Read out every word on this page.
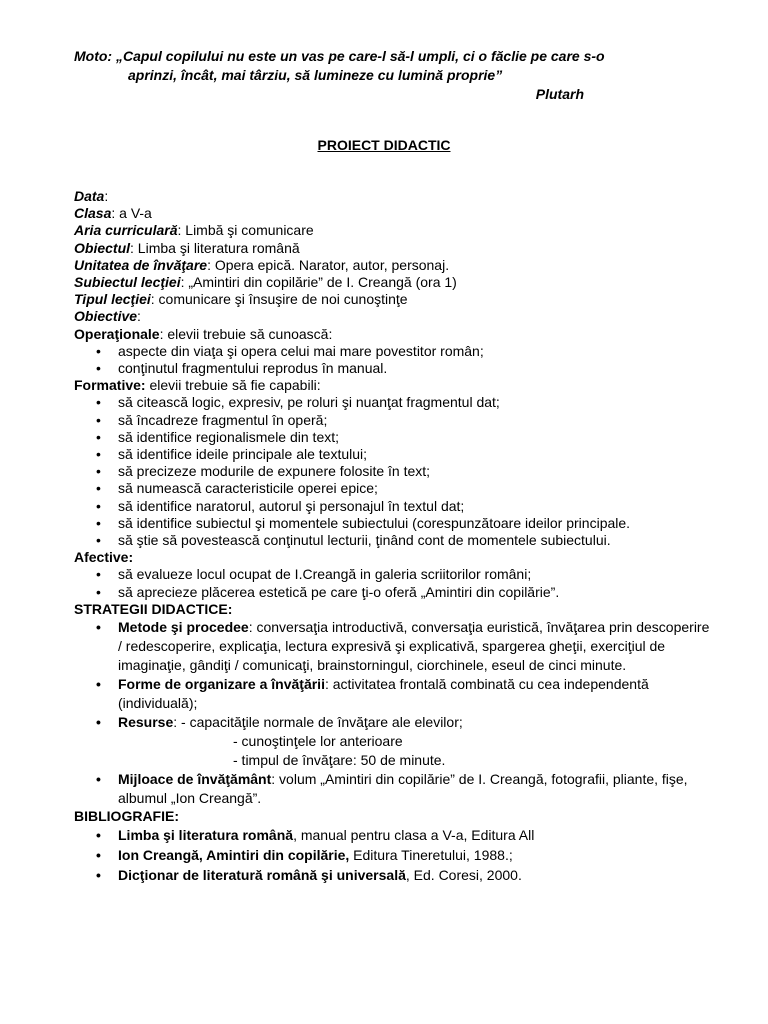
Moto: „Capul copilului nu este un vas pe care-l să-l umpli, ci o făclie pe care s-o
aprinzi, încât, mai târziu, să lumineze cu lumină proprie”
Plutarh
PROIECT DIDACTIC
Data:
Clasa: a V-a
Aria curriculară: Limbă şi comunicare
Obiectul: Limba şi literatura română
Unitatea de învăţare: Opera epică. Narator, autor, personaj.
Subiectul lecţiei: „Amintiri din copilărie” de I. Creangă (ora 1)
Tipul lecţiei: comunicare şi însuşire de noi cunoştinţe
Obiective:
Operaţionale: elevii trebuie să cunoască:
• aspecte din viaţa şi opera celui mai mare povestitor român;
• conţinutul fragmentului reprodus în manual.
Formative: elevii trebuie să fie capabili:
• să citească logic, expresiv, pe roluri şi nuanţat fragmentul dat;
• să încadreze fragmentul în operă;
• să identifice regionalismele din text;
• să identifice ideile principale ale textului;
• să precizeze modurile de expunere folosite în text;
• să numească caracteristicile operei epice;
• să identifice naratorul, autorul şi personajul în textul dat;
• să identifice subiectul şi momentele subiectului (corespunzătoare ideilor principale.
• să ştie să povestească conţinutul lecturii, ţinând cont de momentele subiectului.
Afective:
• să evalueze locul ocupat de I.Creangă in galeria scriitorilor români;
• să aprecieze plăcerea estetică pe care ţi-o oferă „Amintiri din copilărie”.
STRATEGII DIDACTICE:
• Metode şi procedee: conversaţia introductivă, conversaţia euristică, învăţarea prin descoperire / redescoperire, explicaţia, lectura expresivă şi explicativă, spargerea gheţii, exerciţiul de imaginaţie, gândiţi / comunicaţi, brainstorningul, ciorchinele, eseul de cinci minute.
• Forme de organizare a învăţării: activitatea frontală combinată cu cea independentă (individuală);
• Resurse: - capacităţile normale de învăţare ale elevilor;
- cunoştinţele lor anterioare
- timpul de învăţare: 50 de minute.
• Mijloace de învăţământ: volum „Amintiri din copilărie” de I. Creangă, fotografii, pliante, fişe, albumul „Ion Creangă”.
BIBLIOGRAFIE:
• Limba şi literatura română, manual pentru clasa a V-a, Editura All
• Ion Creangă, Amintiri din copilărie, Editura Tineretului, 1988.;
• Dicţionar de literatură română şi universală, Ed. Coresi, 2000.
